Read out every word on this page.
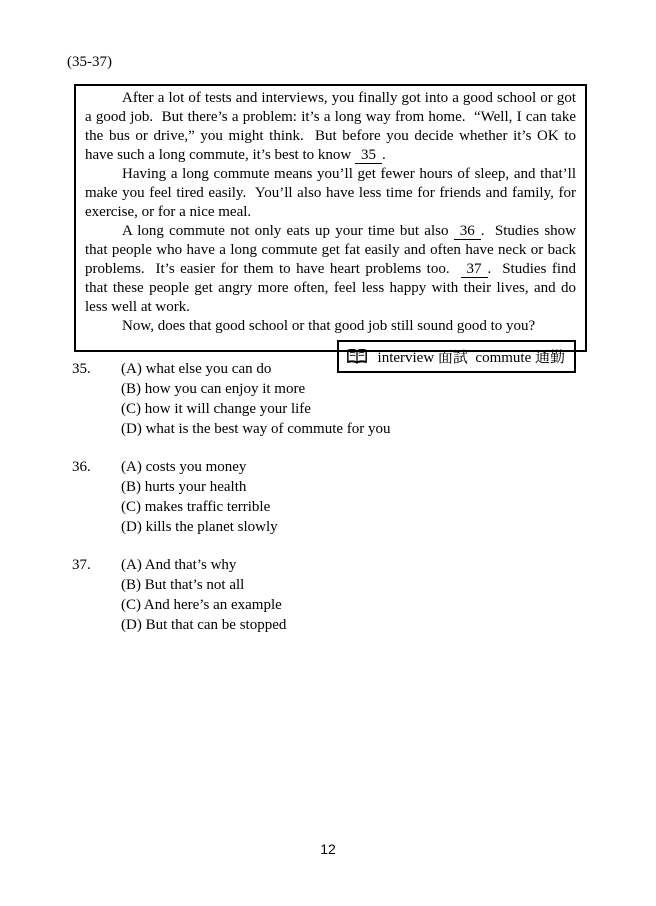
(35-37)

After a lot of tests and interviews, you finally got into a good school or got a good job.  But there’s a problem: it’s a long way from home.  “Well, I can take the bus or drive,” you might think.  But before you decide whether it’s OK to have such a long commute, it’s best to know 35 .

Having a long commute means you’ll get fewer hours of sleep, and that’ll make you feel tired easily.  You’ll also have less time for friends and family, for exercise, or for a nice meal.

A long commute not only eats up your time but also 36 .  Studies show that people who have a long commute get fat easily and often have neck or back problems.  It’s easier for them to have heart problems too.  37 .  Studies find that these people get angry more often, feel less happy with their lives, and do less well at work.

Now, does that good school or that good job still sound good to you?

interview 面試  commute 通勤
35.	(A) what else you can do
(B) how you can enjoy it more
(C) how it will change your life
(D) what is the best way of commute for you
36.	(A) costs you money
(B) hurts your health
(C) makes traffic terrible
(D) kills the planet slowly
37.	(A) And that’s why
(B) But that’s not all
(C) And here’s an example
(D) But that can be stopped
12
